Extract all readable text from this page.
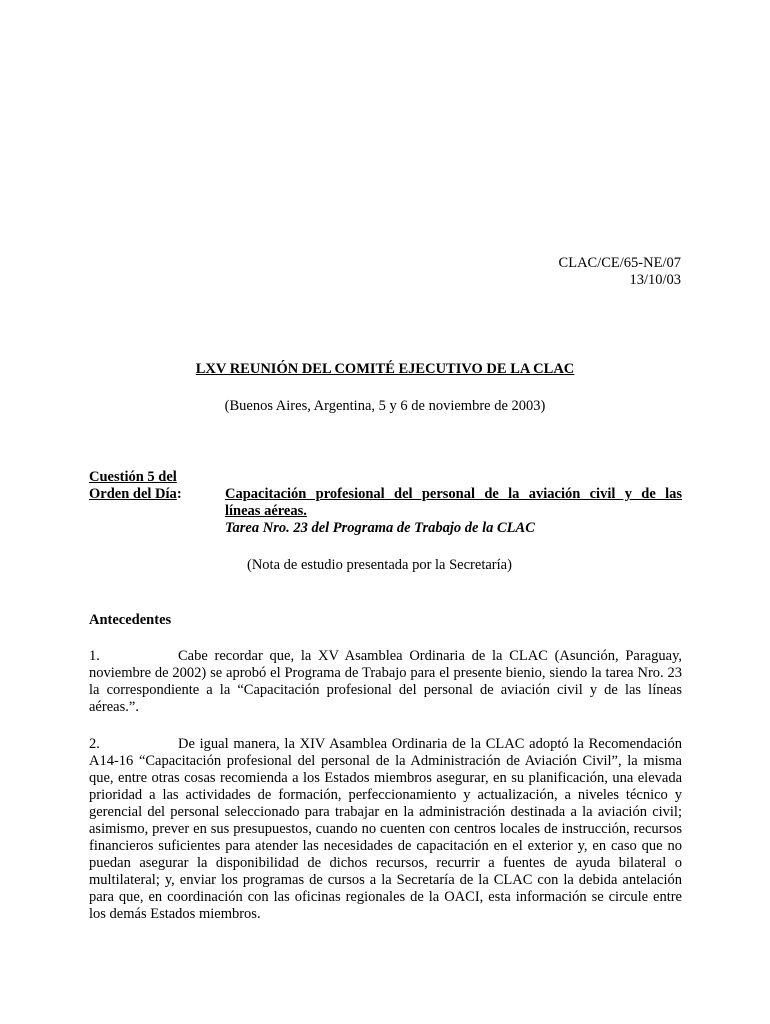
CLAC/CE/65-NE/07
13/10/03
LXV REUNIÓN DEL COMITÉ EJECUTIVO DE LA CLAC
(Buenos Aires, Argentina, 5 y 6 de noviembre de 2003)
Cuestión 5 del
Orden del Día:	Capacitación profesional del personal de la aviación civil y de las
líneas aéreas.
Tarea Nro. 23 del Programa de Trabajo de la CLAC
(Nota de estudio presentada por la Secretaría)
Antecedentes
1.	Cabe recordar que, la XV Asamblea Ordinaria de la CLAC (Asunción, Paraguay, noviembre de 2002) se aprobó el Programa de Trabajo para el presente bienio, siendo la tarea Nro. 23 la correspondiente a la “Capacitación profesional del personal de aviación civil y de las líneas aéreas.”.
2.	De igual manera, la XIV Asamblea Ordinaria de la CLAC adoptó la Recomendación A14-16 “Capacitación profesional del personal de la Administración de Aviación Civil”, la misma que, entre otras cosas recomienda a los Estados miembros asegurar, en su planificación, una elevada prioridad a las actividades de formación, perfeccionamiento y actualización, a niveles técnico y gerencial del personal seleccionado para trabajar en la administración destinada a la aviación civil; asimismo, prever en sus presupuestos, cuando no cuenten con centros locales de instrucción, recursos financieros suficientes para atender las necesidades de capacitación en el exterior y, en caso que no puedan asegurar la disponibilidad de dichos recursos, recurrir a fuentes de ayuda bilateral o multilateral; y, enviar los programas de cursos a la Secretaría de la CLAC con la debida antelación para que, en coordinación con las oficinas regionales de la OACI, esta información se circule entre los demás Estados miembros.
